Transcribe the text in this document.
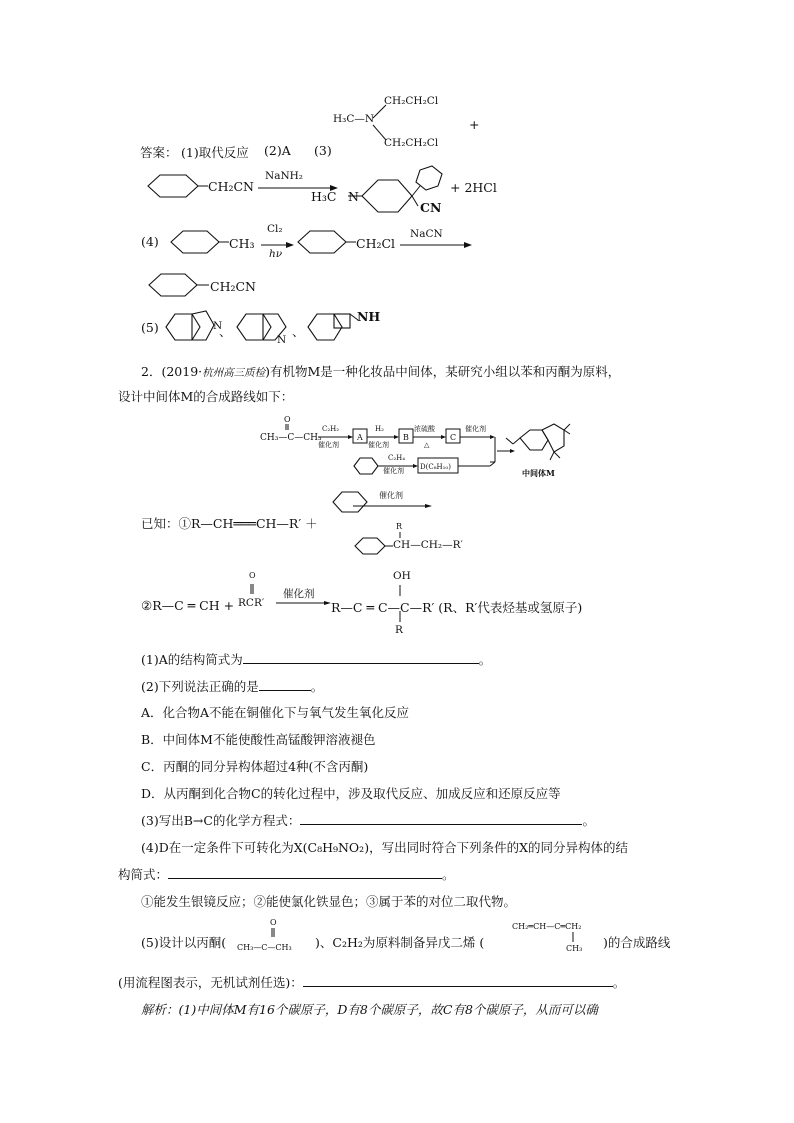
H₃C—N
CH₂CH₂Cl
CH₂CH₂Cl
+
答案： (1)取代反应 (2)A (3)
CH₂CN
NaNH₂
H₃C N
CN
+ 2HCl
(4)	CH₃
Cl₂
hν
CH₂Cl
NaCN
CH₂CN
(5)	N
、
N
、
NH
2．(2019·杭州高三质检)有机物M是一种化妆品中间体，某研究小组以苯和丙酮为原料，
设计中间体M的合成路线如下：
O
CH₃—C—CH₃
C₂H₂
催化剂
A
H₂
催化剂
B
浓硫酸
△
C
催化剂
C₂H₄
催化剂 D(C₈H₁₀)
中间体M
已知：①R—CH═══CH—R′ ＋
催化剂
R
CH—CH₂—R′
②R—C ═ CH +
O
RCR′
催化剂
R—C ═ C—C—R′ (R、R′代表烃基或氢原子)
OH
R
(1)A的结构简式为	。
(2)下列说法正确的是	。
A．化合物A不能在铜催化下与氧气发生氧化反应
B．中间体M不能使酸性高锰酸钾溶液褪色
C．丙酮的同分异构体超过4种(不含丙酮)
D．从丙酮到化合物C的转化过程中，涉及取代反应、加成反应和还原反应等
(3)写出B→C的化学方程式：	。
(4)D在一定条件下可转化为X(C₈H₉NO₂)，写出同时符合下列条件的X的同分异构体的结
构简式：	。
①能发生银镜反应；②能使氯化铁显色；③属于苯的对位二取代物。
(5)设计以丙酮(
O
CH₃—C—CH₃ )、C₂H₂为原料制备异戊二烯 (
CH₂═CH—C═CH₂
CH₃ )的合成路线
(用流程图表示，无机试剂任选)：	。
解析：(1)中间体M有16个碳原子，D有8个碳原子，故C有8个碳原子，从而可以确
